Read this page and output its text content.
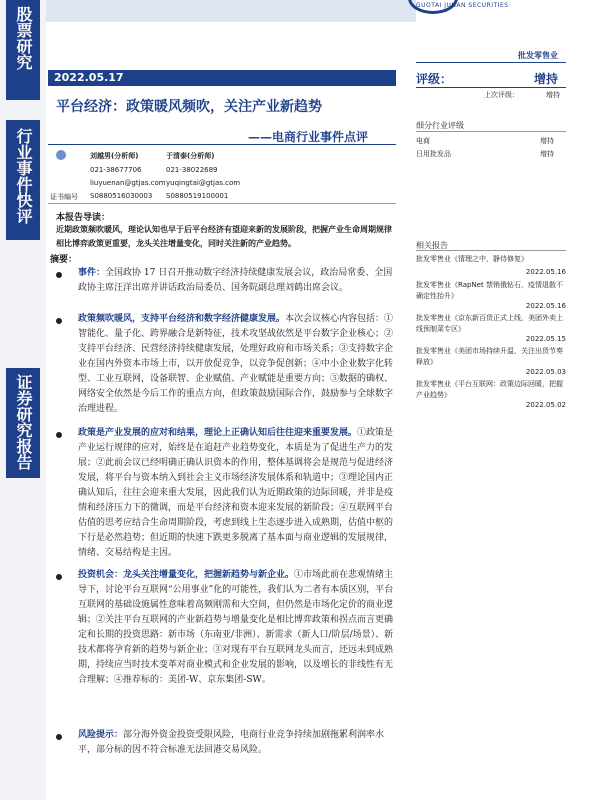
GUOTAI JUNAN SECURITIES
股票研究
行业事件快评
证券研究报告
批发零售业
2022.05.17
平台经济：政策暖风频吹，关注产业新趋势
——电商行业事件点评
刘越男(分析师)
021-38677706
liuyuenan@gtjas.com
证书编号 S0880516030003
于清泰(分析师)
021-38022689
yuqingtai@gtjas.com
S0880519100001
评级：	增持
上次评级：	增持
细分行业评级
电商	增持
日用批发品	增持
相关报告
批发零售业《情理之中，静待修复》
2022.05.16
批发零售业《RapNet 禁销俄钻石，疫情退散不确定性抬升》
2022.05.16
批发零售业《京东新百货正式上线，美团外卖上线预制菜专区》
2022.05.15
批发零售业《美团市场持续升温，关注出货节奏释放》
2022.05.03
批发零售业《平台互联网：政策边际回暖，把握产业趋势》
2022.05.02
本报告导读：
近期政策频吹暖风，理论认知也早于后平台经济有望迎来新的发展阶段，把握产业生命周期规律相比博弈政策更重要，龙头关注增量变化，同时关注新的产业趋势。
摘要：
事件：全国政协 17 日召开推动数字经济持续健康发展会议，政治局常委、全国政协主席汪洋出席并讲话政治局委员、国务院副总理刘鹤出席会议。
政策频吹暖风，支持平台经济和数字经济健康发展。本次会议核心内容包括：①智能化、量子化、跨界融合是新特征，技术攻坚战依然是平台数字企业核心；②支持平台经济、民营经济持续健康发展，处理好政府和市场关系；③支持数字企业在国内外资本市场上市，以开放促竞争，以竞争促创新；④中小企业数字化转型、工业互联网，设备联智、企业赋值、产业赋能是重要方向；⑤数据的确权、网络安全依然是今后工作的重点方向，但政策鼓励国际合作，鼓励参与全球数字治理进程。
政策是产业发展的应对和结果，理论上正确认知后往往迎来重要发展。①政策是产业运行规律的应对，始终是在追赶产业趋势变化，本质是为了促进生产力的发展；②此前会议已经明确正确认识资本的作用，整体基调将会是规范与促进经济发展，将平台与资本纳入到社会主义市场经济发展体系和轨道中；③理论国内正确认知后，往往会迎来重大发展，因此我们认为近期政策的边际回暖，并非是疫情和经济压力下的微调，而是平台经济和资本迎来发展的新阶段；④互联网平台估值的思考应结合生命周期阶段，考虑到线上生态逐步进入成熟期，估值中枢的下行是必然趋势；但近期的快速下跌更多脱离了基本面与商业逻辑的发展规律，情绪、交易结构是主因。
投资机会：龙头关注增量变化，把握新趋势与新企业。①市场此前在悲观情绪主导下，讨论平台互联网“公用事业”化的可能性，我们认为二者有本质区别，平台互联网的基础设施属性意味着高频刚需和大空间，但仍然是市场化定价的商业逻辑；②关注平台互联网的产业新趋势与增量变化是相比博弈政策和拐点而言更确定和长期的投资思路：新市场（东南亚/非洲）、新需求（新人口/阶层/场景）、新技术都将孕育新的趋势与新企业；③对现有平台互联网龙头而言，还远未到成熟期，持续应当时技术变革对商业模式和企业发展的影响，以及增长的非线性有无合理解；④推荐标的：美团-W、京东集团-SW。
风险提示：部分海外资金投资受限风险，电商行业竞争持续加剧拖累利润率水平，部分标的因不符合标准无法回港交易风险。
